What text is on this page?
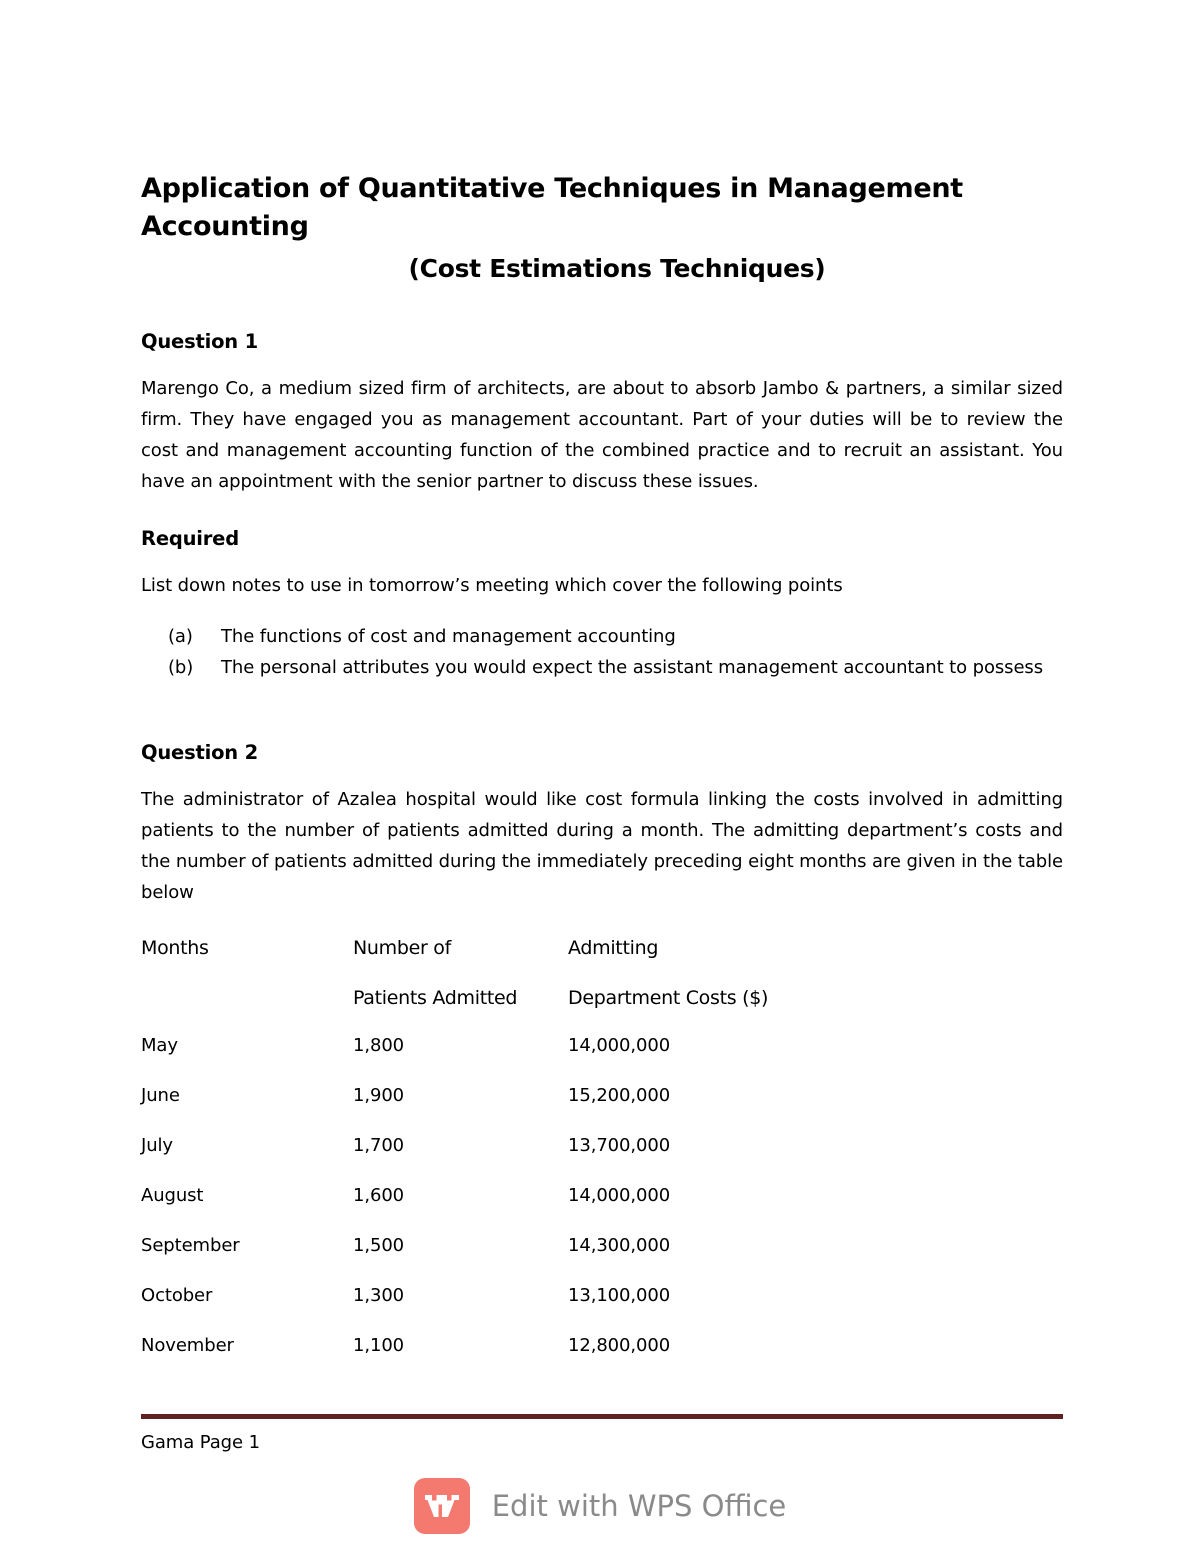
Application of Quantitative Techniques in Management
Accounting
(Cost Estimations Techniques)
Question 1

Marengo Co, a medium sized firm of architects, are about to absorb Jambo & partners, a similar sized firm. They have engaged you as management accountant. Part of your duties will be to review the cost and management accounting function of the combined practice and to recruit an assistant. You have an appointment with the senior partner to discuss these issues.

Required

List down notes to use in tomorrow’s meeting which cover the following points

(a)	The functions of cost and management accounting
(b)	The personal attributes you would expect the assistant management accountant to possess
Question 2

The administrator of Azalea hospital would like cost formula linking the costs involved in admitting patients to the number of patients admitted during a month. The admitting department’s costs and the number of patients admitted during the immediately preceding eight months are given in the table below

Months	Number of	Admitting
	Patients Admitted	Department Costs ($)
May	1,800	14,000,000
June	1,900	15,200,000
July	1,700	13,700,000
August	1,600	14,000,000
September	1,500	14,300,000
October	1,300	13,100,000
November	1,100	12,800,000
Gama Page 1
Edit with WPS Office
